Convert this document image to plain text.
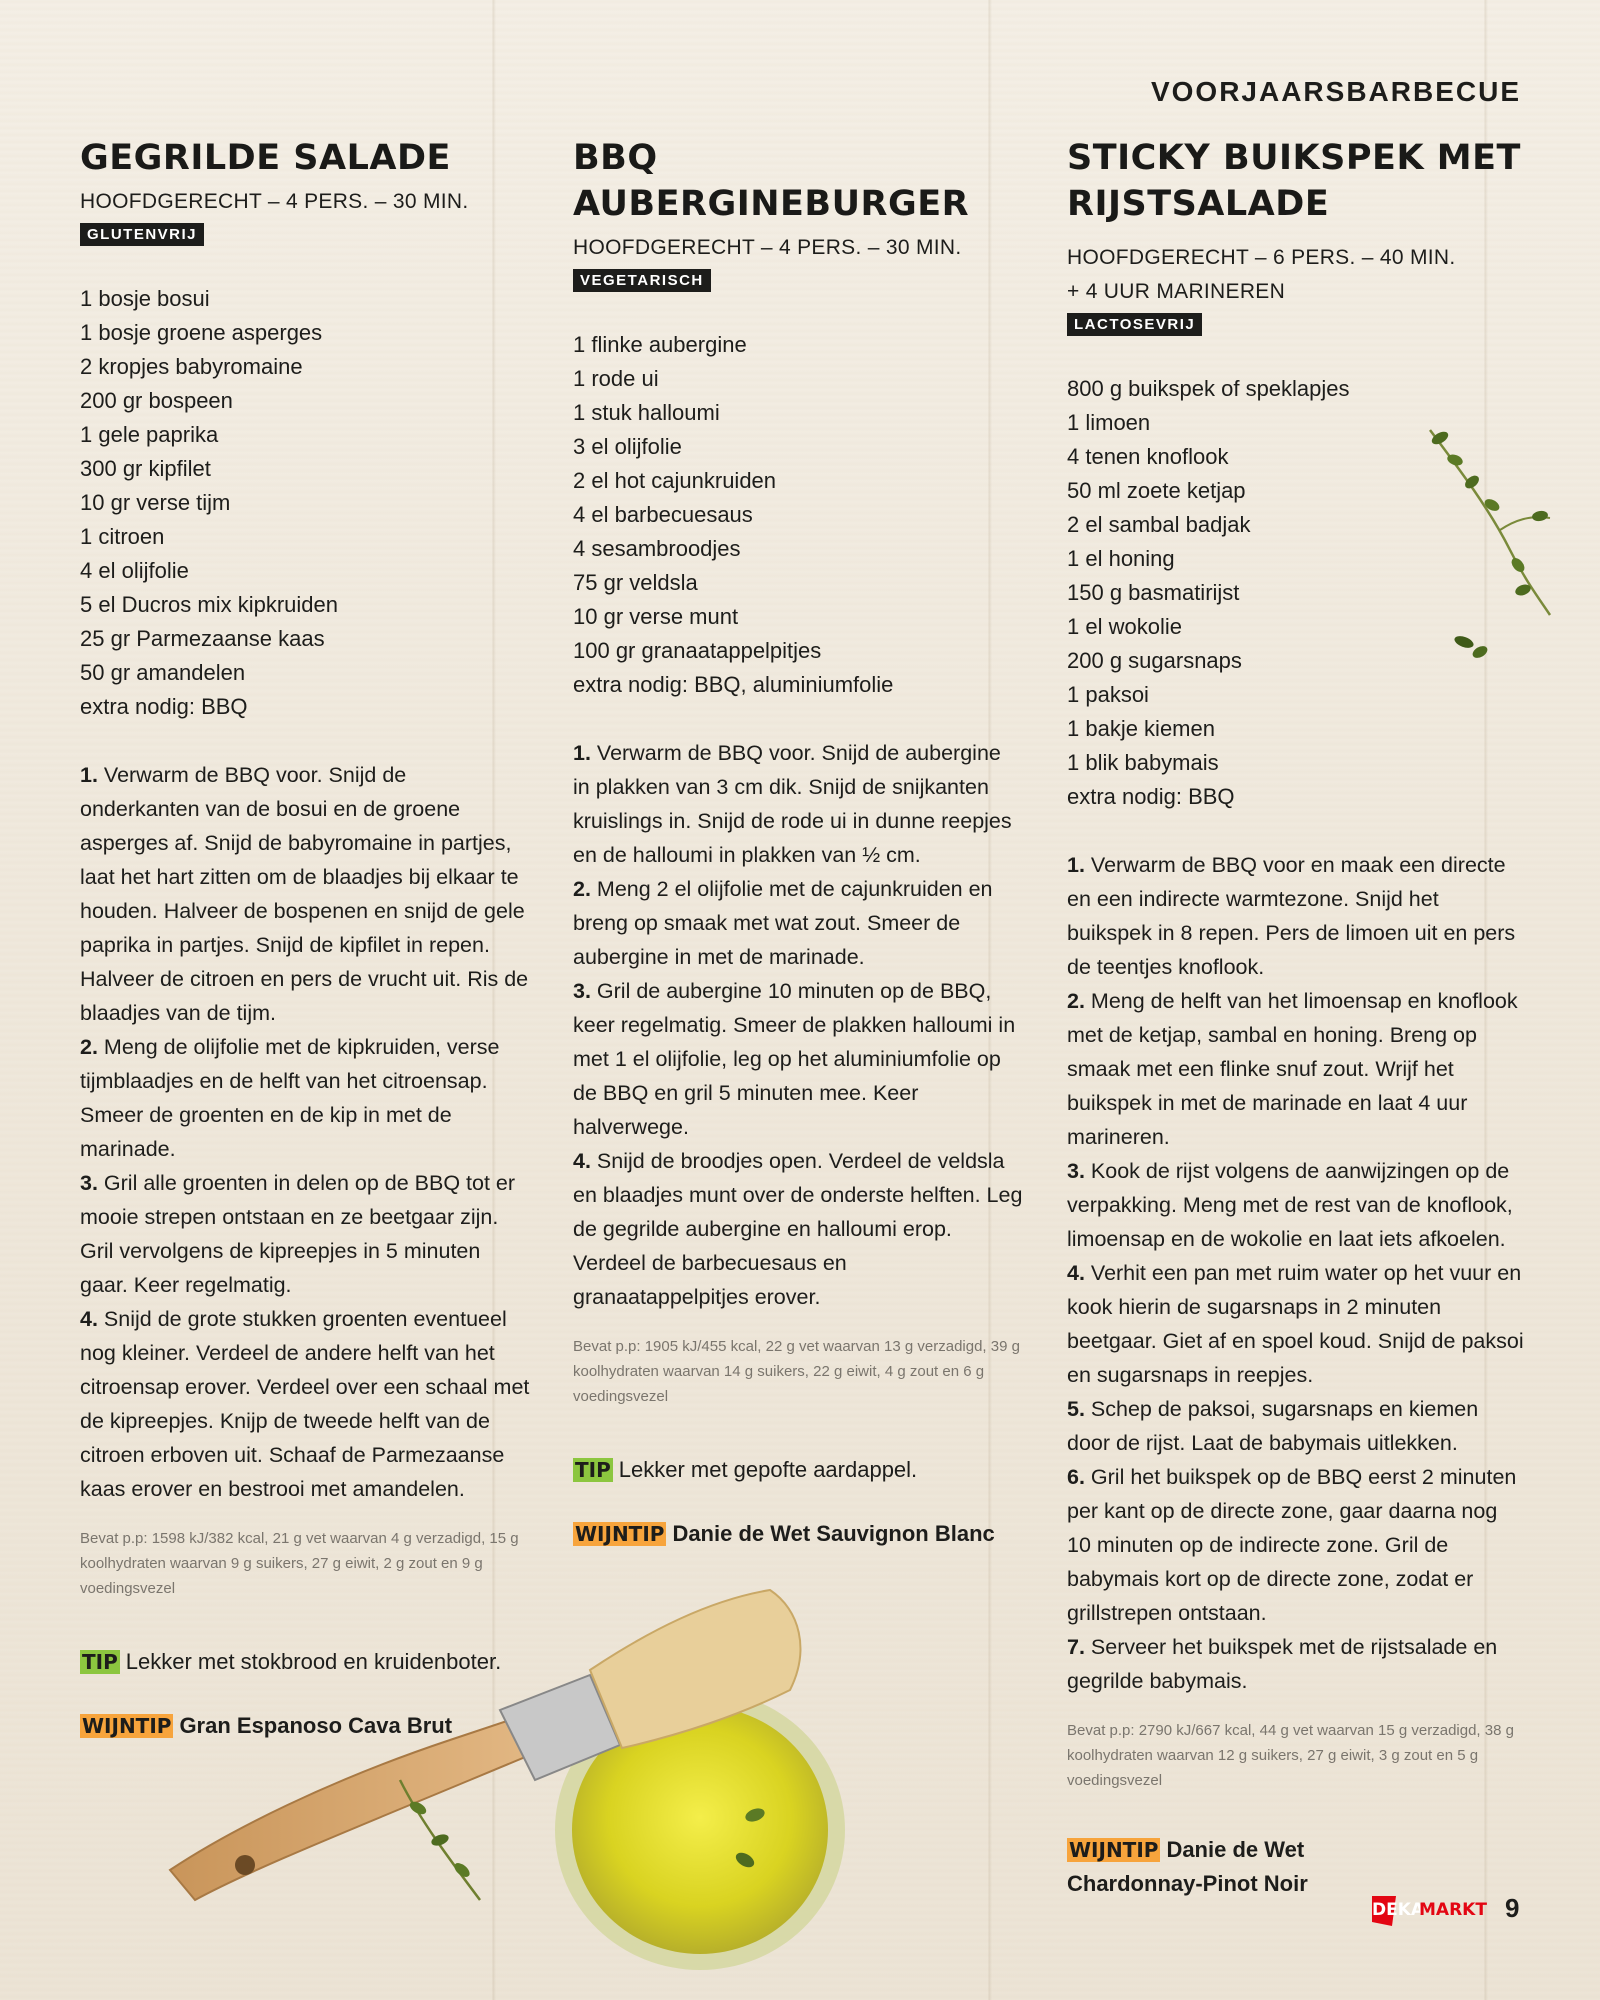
VOORJAARSBARBECUE
GEGRILDE SALADE
HOOFDGERECHT – 4 PERS. – 30 MIN.
GLUTENVRIJ
1 bosje bosui
1 bosje groene asperges
2 kropjes babyromaine
200 gr bospeen
1 gele paprika
300 gr kipfilet
10 gr verse tijm
1 citroen
4 el olijfolie
5 el Ducros mix kipkruiden
25 gr Parmezaanse kaas
50 gr amandelen
extra nodig: BBQ

1. Verwarm de BBQ voor. Snijd de onderkanten van de bosui en de groene asperges af. Snijd de babyromaine in partjes, laat het hart zitten om de blaadjes bij elkaar te houden. Halveer de bospenen en snijd de gele paprika in partjes. Snijd de kipfilet in repen. Halveer de citroen en pers de vrucht uit. Ris de blaadjes van de tijm.

2. Meng de olijfolie met de kipkruiden, verse tijmblaadjes en de helft van het citroensap. Smeer de groenten en de kip in met de marinade.

3. Gril alle groenten in delen op de BBQ tot er mooie strepen ontstaan en ze beetgaar zijn. Gril vervolgens de kipreepjes in 5 minuten gaar. Keer regelmatig.

4. Snijd de grote stukken groenten eventueel nog kleiner. Verdeel de andere helft van het citroensap erover. Verdeel over een schaal met de kipreepjes. Knijp de tweede helft van de citroen erboven uit. Schaaf de Parmezaanse kaas erover en bestrooi met amandelen.

Bevat p.p: 1598 kJ/382 kcal, 21 g vet waarvan 4 g verzadigd, 15 g koolhydraten waarvan 9 g suikers, 27 g eiwit, 2 g zout en 9 g voedingsvezel
TIP Lekker met stokbrood en kruidenboter.
WIJNTIP Gran Espanoso Cava Brut
BBQ AUBERGINEBURGER
HOOFDGERECHT – 4 PERS. – 30 MIN.
VEGETARISCH
1 flinke aubergine
1 rode ui
1 stuk halloumi
3 el olijfolie
2 el hot cajunkruiden
4 el barbecuesaus
4 sesambroodjes
75 gr veldsla
10 gr verse munt
100 gr granaatappelpitjes
extra nodig: BBQ, aluminiumfolie

1. Verwarm de BBQ voor. Snijd de aubergine in plakken van 3 cm dik. Snijd de snijkanten kruislings in. Snijd de rode ui in dunne reepjes en de halloumi in plakken van ½ cm.

2. Meng 2 el olijfolie met de cajunkruiden en breng op smaak met wat zout. Smeer de aubergine in met de marinade.

3. Gril de aubergine 10 minuten op de BBQ, keer regelmatig. Smeer de plakken halloumi in met 1 el olijfolie, leg op het aluminiumfolie op de BBQ en gril 5 minuten mee. Keer halverwege.

4. Snijd de broodjes open. Verdeel de veldsla en blaadjes munt over de onderste helften. Leg de gegrilde aubergine en halloumi erop. Verdeel de barbecuesaus en granaatappelpitjes erover.

Bevat p.p: 1905 kJ/455 kcal, 22 g vet waarvan 13 g verzadigd, 39 g koolhydraten waarvan 14 g suikers, 22 g eiwit, 4 g zout en 6 g voedingsvezel
TIP Lekker met gepofte aardappel.
WIJNTIP Danie de Wet Sauvignon Blanc
STICKY BUIKSPEK MET RIJSTSALADE
HOOFDGERECHT – 6 PERS. – 40 MIN.
+ 4 UUR MARINEREN
LACTOSEVRIJ
800 g buikspek of speklapjes
1 limoen
4 tenen knoflook
50 ml zoete ketjap
2 el sambal badjak
1 el honing
150 g basmatirijst
1 el wokolie
200 g sugarsnaps
1 paksoi
1 bakje kiemen
1 blik babymais
extra nodig: BBQ

1. Verwarm de BBQ voor en maak een directe en een indirecte warmtezone. Snijd het buikspek in 8 repen. Pers de limoen uit en pers de teentjes knoflook.

2. Meng de helft van het limoensap en knoflook met de ketjap, sambal en honing. Breng op smaak met een flinke snuf zout. Wrijf het buikspek in met de marinade en laat 4 uur marineren.

3. Kook de rijst volgens de aanwijzingen op de verpakking. Meng met de rest van de knoflook, limoensap en de wokolie en laat iets afkoelen.

4. Verhit een pan met ruim water op het vuur en kook hierin de sugarsnaps in 2 minuten beetgaar. Giet af en spoel koud. Snijd de paksoi en sugarsnaps in reepjes.

5. Schep de paksoi, sugarsnaps en kiemen door de rijst. Laat de babymais uitlekken.

6. Gril het buikspek op de BBQ eerst 2 minuten per kant op de directe zone, gaar daarna nog 10 minuten op de indirecte zone. Gril de babymais kort op de directe zone, zodat er grillstrepen ontstaan.

7. Serveer het buikspek met de rijstsalade en gegrilde babymais.

Bevat p.p: 2790 kJ/667 kcal, 44 g vet waarvan 15 g verzadigd, 38 g koolhydraten waarvan 12 g suikers, 27 g eiwit, 3 g zout en 5 g voedingsvezel
WIJNTIP Danie de Wet Chardonnay-Pinot Noir
DEKA
MARKT 9
